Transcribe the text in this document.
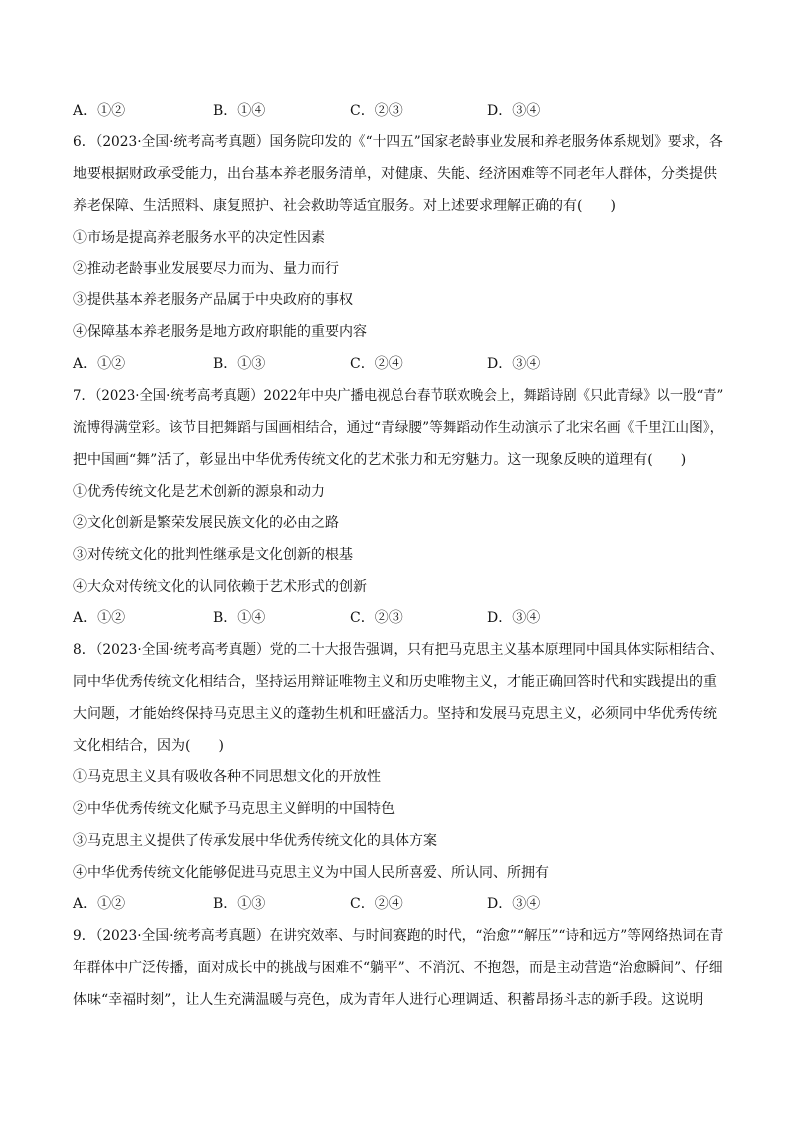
A．①②	B．①④	C．②③	D．③④
6．（2023·全国·统考高考真题）国务院印发的《“十四五”国家老龄事业发展和养老服务体系规划》要求，各
地要根据财政承受能力，出台基本养老服务清单，对健康、失能、经济困难等不同老年人群体，分类提供
养老保障、生活照料、康复照护、社会救助等适宜服务。对上述要求理解正确的有(　　)
①市场是提高养老服务水平的决定性因素
②推动老龄事业发展要尽力而为、量力而行
③提供基本养老服务产品属于中央政府的事权
④保障基本养老服务是地方政府职能的重要内容
A．①②	B．①③	C．②④	D．③④
7．（2023·全国·统考高考真题）2022年中央广播电视总台春节联欢晚会上，舞蹈诗剧《只此青绿》以一股“青”
流博得满堂彩。该节目把舞蹈与国画相结合，通过“青绿腰”等舞蹈动作生动演示了北宋名画《千里江山图》，
把中国画“舞”活了，彰显出中华优秀传统文化的艺术张力和无穷魅力。这一现象反映的道理有(　　)
①优秀传统文化是艺术创新的源泉和动力
②文化创新是繁荣发展民族文化的必由之路
③对传统文化的批判性继承是文化创新的根基
④大众对传统文化的认同依赖于艺术形式的创新
A．①②	B．①④	C．②③	D．③④
8．（2023·全国·统考高考真题）党的二十大报告强调，只有把马克思主义基本原理同中国具体实际相结合、
同中华优秀传统文化相结合，坚持运用辩证唯物主义和历史唯物主义，才能正确回答时代和实践提出的重
大问题，才能始终保持马克思主义的蓬勃生机和旺盛活力。坚持和发展马克思主义，必须同中华优秀传统
文化相结合，因为(　　)
①马克思主义具有吸收各种不同思想文化的开放性
②中华优秀传统文化赋予马克思主义鲜明的中国特色
③马克思主义提供了传承发展中华优秀传统文化的具体方案
④中华优秀传统文化能够促进马克思主义为中国人民所喜爱、所认同、所拥有
A．①②	B．①③	C．②④	D．③④
9．（2023·全国·统考高考真题）在讲究效率、与时间赛跑的时代，“治愈”“解压”“诗和远方”等网络热词在青
年群体中广泛传播，面对成长中的挑战与困难不“躺平”、不消沉、不抱怨，而是主动营造“治愈瞬间”、仔细
体味“幸福时刻”，让人生充满温暖与亮色，成为青年人进行心理调适、积蓄昂扬斗志的新手段。这说明
